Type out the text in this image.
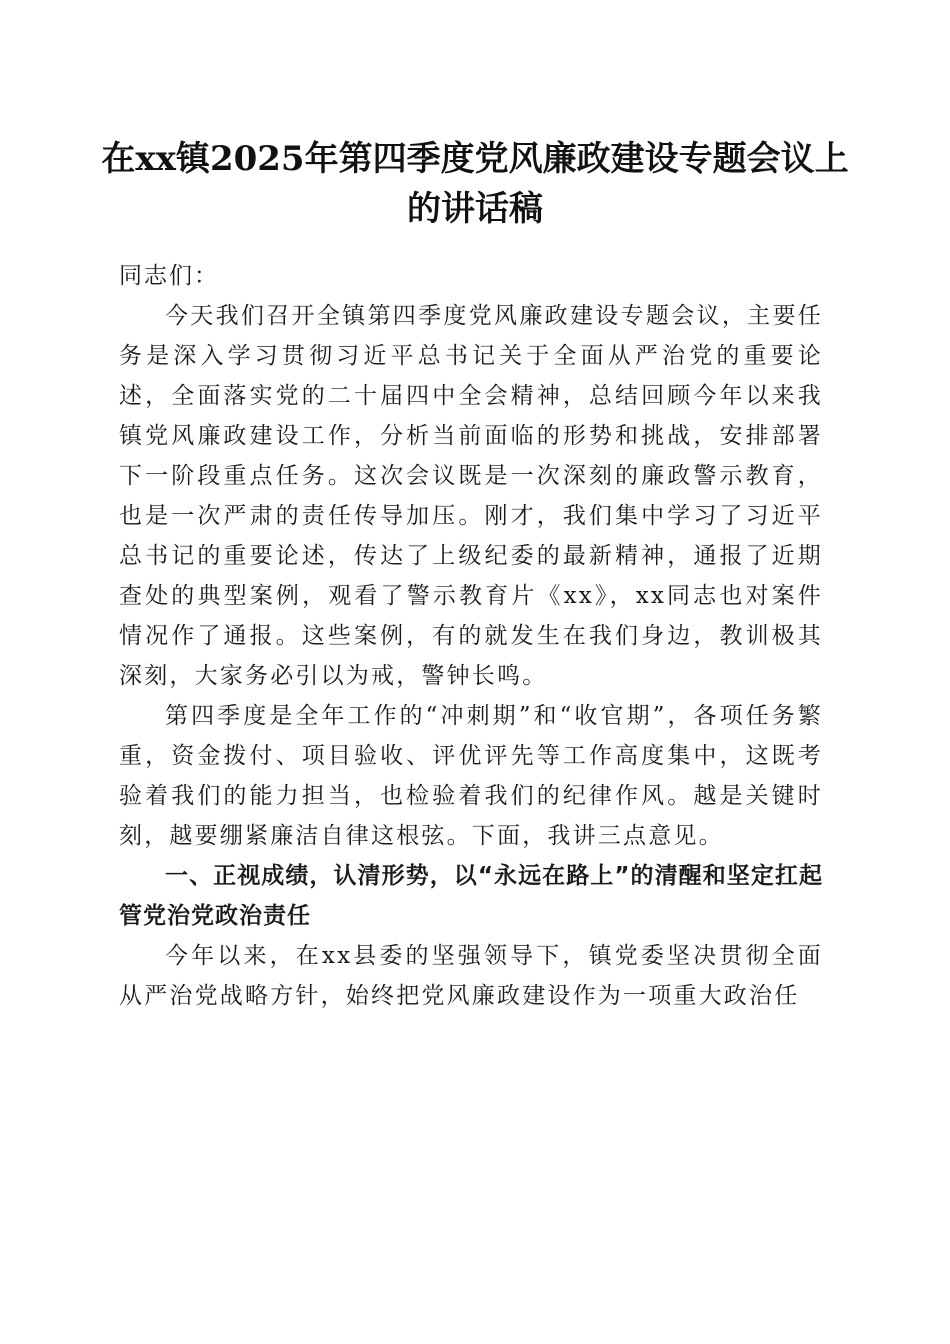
在xx镇2025年第四季度党风廉政建设专题会议上的讲话稿

同志们：

今天我们召开全镇第四季度党风廉政建设专题会议，主要任务是深入学习贯彻习近平总书记关于全面从严治党的重要论述，全面落实党的二十届四中全会精神，总结回顾今年以来我镇党风廉政建设工作，分析当前面临的形势和挑战，安排部署下一阶段重点任务。这次会议既是一次深刻的廉政警示教育，也是一次严肃的责任传导加压。刚才，我们集中学习了习近平总书记的重要论述，传达了上级纪委的最新精神，通报了近期查处的典型案例，观看了警示教育片《xx》，xx同志也对案件情况作了通报。这些案例，有的就发生在我们身边，教训极其深刻，大家务必引以为戒，警钟长鸣。

第四季度是全年工作的“冲刺期”和“收官期”，各项任务繁重，资金拨付、项目验收、评优评先等工作高度集中，这既考验着我们的能力担当，也检验着我们的纪律作风。越是关键时刻，越要绷紧廉洁自律这根弦。下面，我讲三点意见。

一、正视成绩，认清形势，以“永远在路上”的清醒和坚定扛起管党治党政治责任

今年以来，在xx县委的坚强领导下，镇党委坚决贯彻全面从严治党战略方针，始终把党风廉政建设作为一项重大政治任
